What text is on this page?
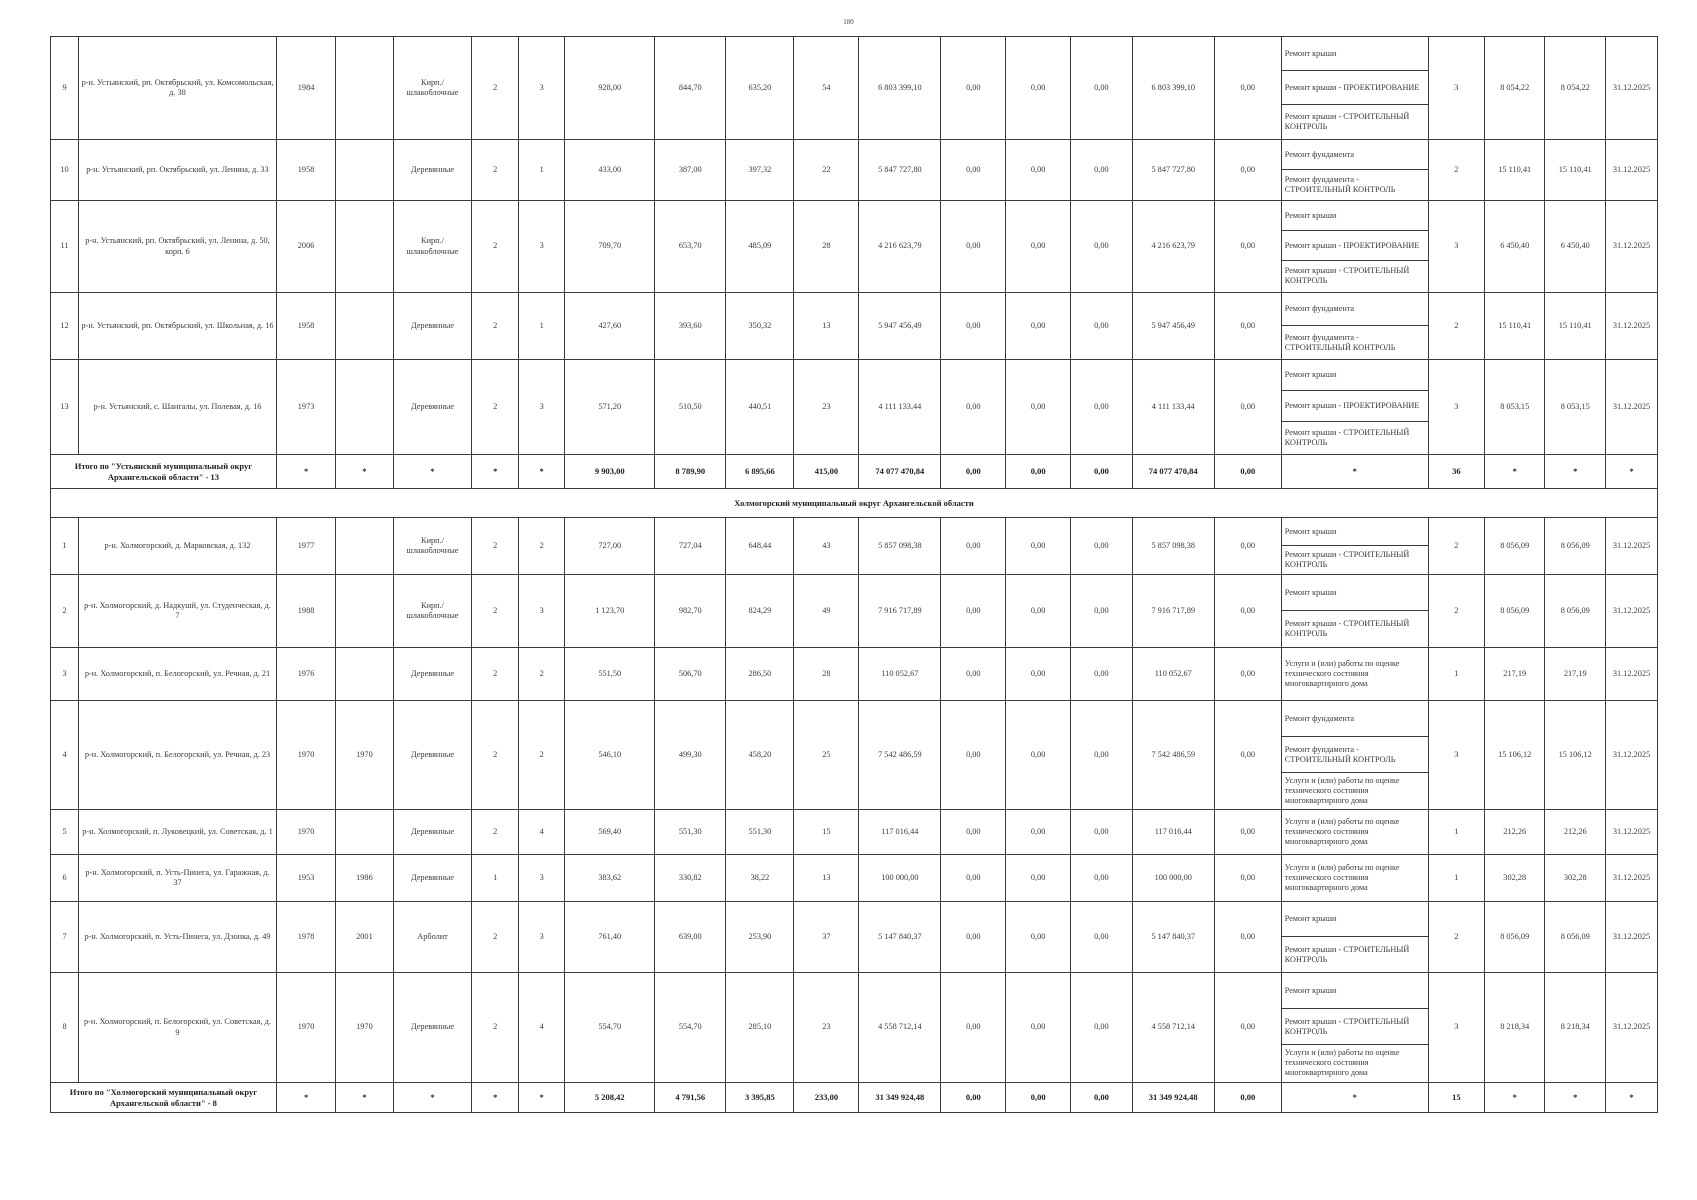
180
9	р-н. Устьянский, рп. Октябрьский, ул. Комсомольская, д. 38	1984		Кирп./ шлакоблочные	2	3	928,00	844,70	635,20	54	6 803 399,10	0,00	0,00	0,00	6 803 399,10	0,00	Ремонт крыши
Ремонт крыши - ПРОЕКТИРОВАНИЕ
Ремонт крыши - СТРОИТЕЛЬНЫЙ КОНТРОЛЬ	3	8 054,22	8 054,22	31.12.2025
10	р-н. Устьянский, рп. Октябрьский, ул. Ленина, д. 33	1958		Деревянные	2	1	433,00	387,00	397,32	22	5 847 727,80	0,00	0,00	0,00	5 847 727,80	0,00	Ремонт фундамента
Ремонт фундамента - СТРОИТЕЛЬНЫЙ КОНТРОЛЬ	2	15 110,41	15 110,41	31.12.2025
11	р-н. Устьянский, рп. Октябрьский, ул. Ленина, д. 50, корп. 6	2006		Кирп./ шлакоблочные	2	3	709,70	653,70	485,09	28	4 216 623,79	0,00	0,00	0,00	4 216 623,79	0,00	Ремонт крыши
Ремонт крыши - ПРОЕКТИРОВАНИЕ
Ремонт крыши - СТРОИТЕЛЬНЫЙ КОНТРОЛЬ	3	6 450,40	6 450,40	31.12.2025
12	р-н. Устьянский, рп. Октябрьский, ул. Школьная, д. 16	1958		Деревянные	2	1	427,60	393,60	350,32	13	5 947 456,49	0,00	0,00	0,00	5 947 456,49	0,00	Ремонт фундамента
Ремонт фундамента - СТРОИТЕЛЬНЫЙ КОНТРОЛЬ	2	15 110,41	15 110,41	31.12.2025
13	р-н. Устьянский, с. Шангалы, ул. Полевая, д. 16	1973		Деревянные	2	3	571,20	510,50	440,51	23	4 111 133,44	0,00	0,00	0,00	4 111 133,44	0,00	Ремонт крыши
Ремонт крыши - ПРОЕКТИРОВАНИЕ
Ремонт крыши - СТРОИТЕЛЬНЫЙ КОНТРОЛЬ	3	8 053,15	8 053,15	31.12.2025
Итого по "Устьянский муниципальный округ Архангельской области" - 13		*	*	*	*	*	9 903,00	8 789,90	6 895,66	415,00	74 077 470,84	0,00	0,00	0,00	74 077 470,84	0,00	*	36	*	*	*
Холмогорский муниципальный округ Архангельской области																					
1	р-н. Холмогорский, д. Марковская, д. 132	1977		Кирп./ шлакоблочные	2	2	727,00	727,04	648,44	43	5 857 098,38	0,00	0,00	0,00	5 857 098,38	0,00	Ремонт крыши
Ремонт крыши - СТРОИТЕЛЬНЫЙ КОНТРОЛЬ	2	8 056,09	8 056,09	31.12.2025
2	р-н. Холмогорский, д. Надкушй, ул. Студенческая, д. 7	1988		Кирп./ шлакоблочные	2	3	1 123,70	982,70	824,29	49	7 916 717,89	0,00	0,00	0,00	7 916 717,89	0,00	Ремонт крыши
Ремонт крыши - СТРОИТЕЛЬНЫЙ КОНТРОЛЬ	2	8 056,09	8 056,09	31.12.2025
3	р-н. Холмогорский, п. Белогорский, ул. Речная, д. 21	1976		Деревянные	2	2	551,50	506,70	286,50	28	110 052,67	0,00	0,00	0,00	110 052,67	0,00	Услуги и (или) работы по оценке технического состояния многоквартирного дома	1	217,19	217,19	31.12.2025
4	р-н. Холмогорский, п. Белогорский, ул. Речная, д. 23	1970	1970	Деревянные	2	2	546,10	499,30	458,20	25	7 542 486,59	0,00	0,00	0,00	7 542 486,59	0,00	Ремонт фундамента
Ремонт фундамента - СТРОИТЕЛЬНЫЙ КОНТРОЛЬ
Услуги и (или) работы по оценке технического состояния многоквартирного дома	3	15 106,12	15 106,12	31.12.2025
5	р-н. Холмогорский, п. Луковецкий, ул. Советская, д. 1	1970		Деревянные	2	4	569,40	551,30	551,30	15	117 016,44	0,00	0,00	0,00	117 016,44	0,00	Услуги и (или) работы по оценке технического состояния многоквартирного дома	1	212,26	212,26	31.12.2025
6	р-н. Холмогорский, п. Усть-Пинега, ул. Гаражная, д. 37	1953	1986	Деревянные	1	3	383,62	330,82	38,22	13	100 000,00	0,00	0,00	0,00	100 000,00	0,00	Услуги и (или) работы по оценке технического состояния многоквартирного дома	1	302,28	302,28	31.12.2025
7	р-н. Холмогорский, п. Усть-Пинега, ул. Дзонка, д. 49	1978	2001	Арболит	2	3	761,40	639,00	253,90	37	5 147 840,37	0,00	0,00	0,00	5 147 840,37	0,00	Ремонт крыши
Ремонт крыши - СТРОИТЕЛЬНЫЙ КОНТРОЛЬ	2	8 056,09	8 056,09	31.12.2025
8	р-н. Холмогорский, п. Белогорский, ул. Советская, д. 9	1970	1970	Деревянные	2	4	554,70	554,70	285,10	23	4 558 712,14	0,00	0,00	0,00	4 558 712,14	0,00	Ремонт крыши
Ремонт крыши - СТРОИТЕЛЬНЫЙ КОНТРОЛЬ
Услуги и (или) работы по оценке технического состояния многоквартирного дома	3	8 218,34	8 218,34	31.12.2025
Итого по "Холмогорский муниципальный округ Архангельской области" - 8		*	*	*	*	*	5 208,42	4 791,56	3 395,85	233,00	31 349 924,48	0,00	0,00	0,00	31 349 924,48	0,00	*	15	*	*	*
